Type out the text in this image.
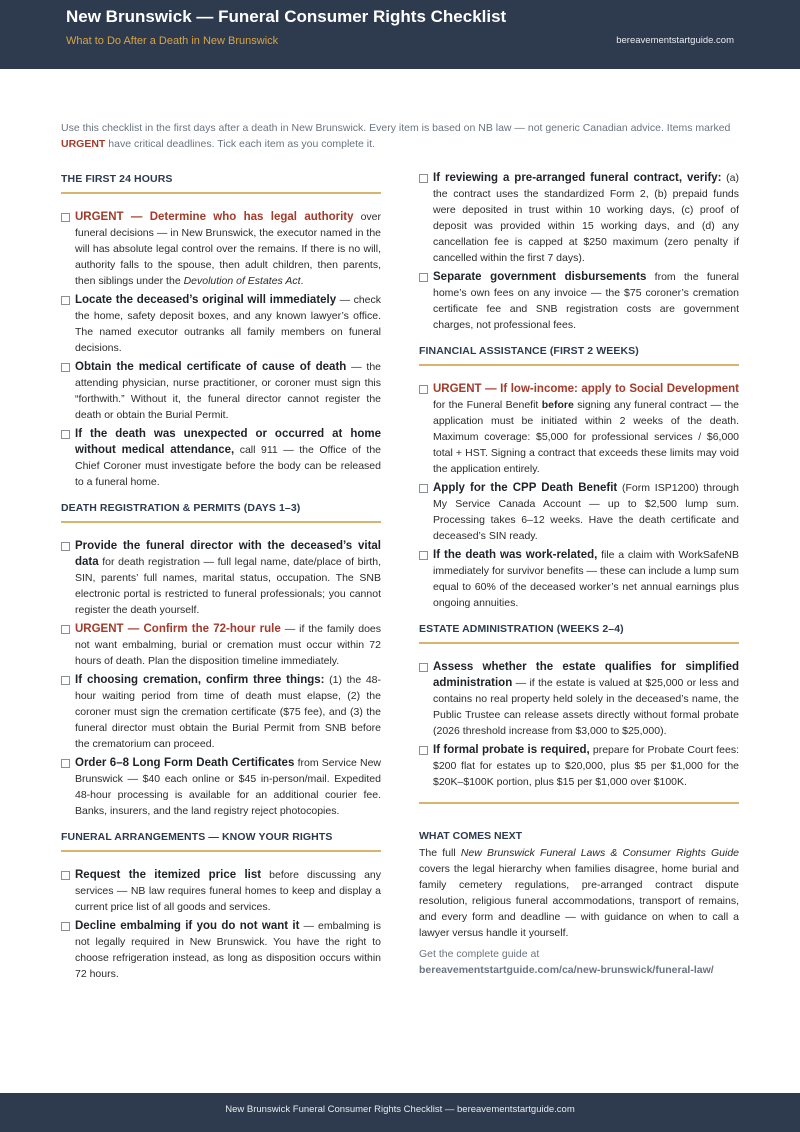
New Brunswick — Funeral Consumer Rights Checklist
What to Do After a Death in New Brunswick	bereavementstartguide.com
Use this checklist in the first days after a death in New Brunswick. Every item is based on NB law — not generic Canadian advice. Items marked URGENT have critical deadlines. Tick each item as you complete it.
THE FIRST 24 HOURS
URGENT — Determine who has legal authority over funeral decisions — in New Brunswick, the executor named in the will has absolute legal control over the remains. If there is no will, authority falls to the spouse, then adult children, then parents, then siblings under the Devolution of Estates Act.
Locate the deceased’s original will immediately — check the home, safety deposit boxes, and any known lawyer’s office. The named executor outranks all family members on funeral decisions.
Obtain the medical certificate of cause of death — the attending physician, nurse practitioner, or coroner must sign this “forthwith.” Without it, the funeral director cannot register the death or obtain the Burial Permit.
If the death was unexpected or occurred at home without medical attendance, call 911 — the Office of the Chief Coroner must investigate before the body can be released to a funeral home.
DEATH REGISTRATION & PERMITS (DAYS 1–3)
Provide the funeral director with the deceased’s vital data for death registration — full legal name, date/place of birth, SIN, parents’ full names, marital status, occupation. The SNB electronic portal is restricted to funeral professionals; you cannot register the death yourself.
URGENT — Confirm the 72-hour rule — if the family does not want embalming, burial or cremation must occur within 72 hours of death. Plan the disposition timeline immediately.
If choosing cremation, confirm three things: (1) the 48-hour waiting period from time of death must elapse, (2) the coroner must sign the cremation certificate ($75 fee), and (3) the funeral director must obtain the Burial Permit from SNB before the crematorium can proceed.
Order 6–8 Long Form Death Certificates from Service New Brunswick — $40 each online or $45 in-person/mail. Expedited 48-hour processing is available for an additional courier fee. Banks, insurers, and the land registry reject photocopies.
FUNERAL ARRANGEMENTS — KNOW YOUR RIGHTS
Request the itemized price list before discussing any services — NB law requires funeral homes to keep and display a current price list of all goods and services.
Decline embalming if you do not want it — embalming is not legally required in New Brunswick. You have the right to choose refrigeration instead, as long as disposition occurs within 72 hours.
If reviewing a pre-arranged funeral contract, verify: (a) the contract uses the standardized Form 2, (b) prepaid funds were deposited in trust within 10 working days, (c) proof of deposit was provided within 15 working days, and (d) any cancellation fee is capped at $250 maximum (zero penalty if cancelled within the first 7 days).
Separate government disbursements from the funeral home’s own fees on any invoice — the $75 coroner’s cremation certificate fee and SNB registration costs are government charges, not professional fees.
FINANCIAL ASSISTANCE (FIRST 2 WEEKS)
URGENT — If low-income: apply to Social Development for the Funeral Benefit before signing any funeral contract — the application must be initiated within 2 weeks of the death. Maximum coverage: $5,000 for professional services / $6,000 total + HST. Signing a contract that exceeds these limits may void the application entirely.
Apply for the CPP Death Benefit (Form ISP1200) through My Service Canada Account — up to $2,500 lump sum. Processing takes 6–12 weeks. Have the death certificate and deceased’s SIN ready.
If the death was work-related, file a claim with WorkSafeNB immediately for survivor benefits — these can include a lump sum equal to 60% of the deceased worker’s net annual earnings plus ongoing annuities.
ESTATE ADMINISTRATION (WEEKS 2–4)
Assess whether the estate qualifies for simplified administration — if the estate is valued at $25,000 or less and contains no real property held solely in the deceased’s name, the Public Trustee can release assets directly without formal probate (2026 threshold increase from $3,000 to $25,000).
If formal probate is required, prepare for Probate Court fees: $200 flat for estates up to $20,000, plus $5 per $1,000 for the $20K–$100K portion, plus $15 per $1,000 over $100K.
WHAT COMES NEXT
The full New Brunswick Funeral Laws & Consumer Rights Guide covers the legal hierarchy when families disagree, home burial and family cemetery regulations, pre-arranged contract dispute resolution, religious funeral accommodations, transport of remains, and every form and deadline — with guidance on when to call a lawyer versus handle it yourself.
Get the complete guide at
bereavementstartguide.com/ca/new-brunswick/funeral-law/
New Brunswick Funeral Consumer Rights Checklist — bereavementstartguide.com
